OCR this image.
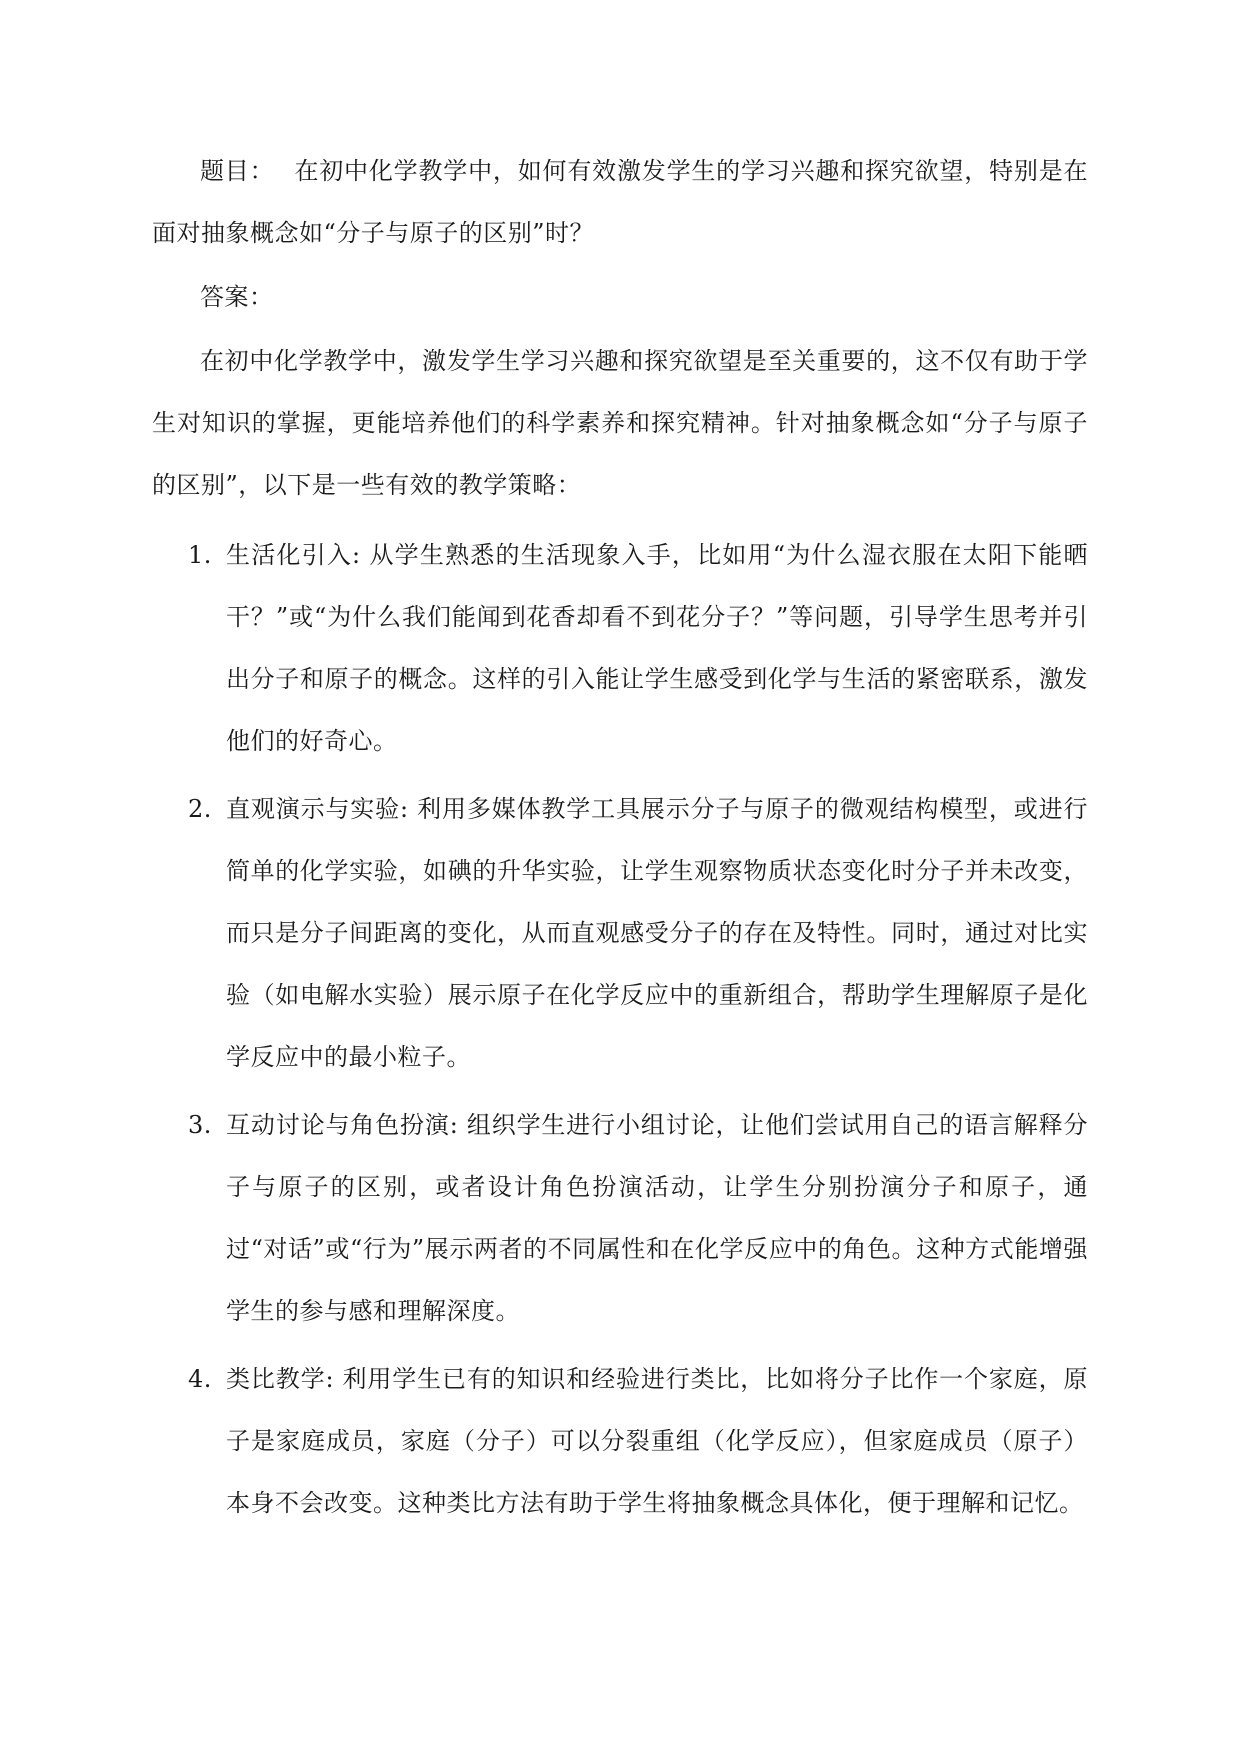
题目： 在初中化学教学中，如何有效激发学生的学习兴趣和探究欲望，特别是在面对抽象概念如“分子与原子的区别”时？

答案：

在初中化学教学中，激发学生学习兴趣和探究欲望是至关重要的，这不仅有助于学生对知识的掌握，更能培养他们的科学素养和探究精神。针对抽象概念如“分子与原子的区别”，以下是一些有效的教学策略：

1. 生活化引入: 从学生熟悉的生活现象入手，比如用“为什么湿衣服在太阳下能晒干？”或“为什么我们能闻到花香却看不到花分子？”等问题，引导学生思考并引出分子和原子的概念。这样的引入能让学生感受到化学与生活的紧密联系，激发他们的好奇心。
2. 直观演示与实验: 利用多媒体教学工具展示分子与原子的微观结构模型，或进行简单的化学实验，如碘的升华实验，让学生观察物质状态变化时分子并未改变，而只是分子间距离的变化，从而直观感受分子的存在及特性。同时，通过对比实验（如电解水实验）展示原子在化学反应中的重新组合，帮助学生理解原子是化学反应中的最小粒子。
3. 互动讨论与角色扮演: 组织学生进行小组讨论，让他们尝试用自己的语言解释分子与原子的区别，或者设计角色扮演活动，让学生分别扮演分子和原子，通过“对话”或“行为”展示两者的不同属性和在化学反应中的角色。这种方式能增强学生的参与感和理解深度。
4. 类比教学: 利用学生已有的知识和经验进行类比，比如将分子比作一个家庭，原子是家庭成员，家庭（分子）可以分裂重组（化学反应），但家庭成员（原子）本身不会改变。这种类比方法有助于学生将抽象概念具体化，便于理解和记忆。
